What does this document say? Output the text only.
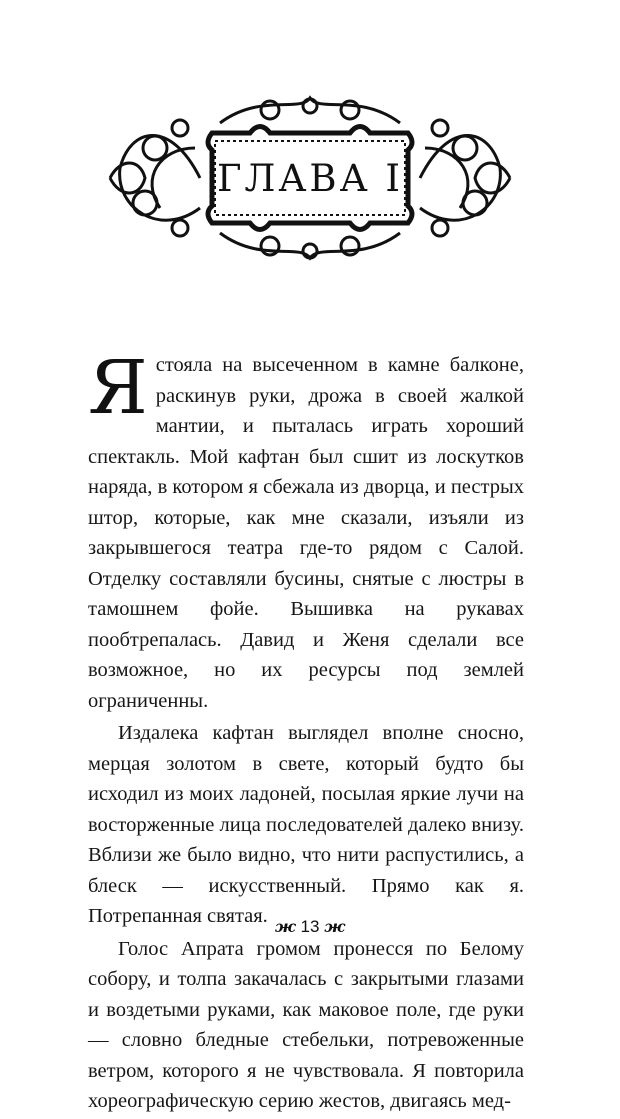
ГЛАВА I

Ястояла на высеченном в камне балконе, раскинув руки, дрожа в своей жалкой мантии, и пыталась играть хороший спектакль. Мой кафтан был сшит из лоскутков наряда, в котором я сбежала из дворца, и пестрых штор, которые, как мне сказали, изъяли из закрывшегося театра где-то рядом с Салой. Отделку составляли бусины, снятые с люстры в тамошнем фойе. Вышивка на рукавах пообтрепалась. Давид и Женя сделали все возможное, но их ресурсы под землей ограниченны.

Издалека кафтан выглядел вполне сносно, мерцая золотом в свете, который будто бы исходил из моих ладоней, посылая яркие лучи на восторженные лица последователей далеко внизу. Вблизи же было видно, что нити распустились, а блеск — искусственный. Прямо как я. Потрепанная святая.

Голос Апрата громом пронесся по Белому собору, и толпа закачалась с закрытыми глазами и воздетыми руками, как маковое поле, где руки — словно бледные стебельки, потревоженные ветром, которого я не чувствовала. Я повторила хореографическую серию жестов, двигаясь мед-

ж 13 ж
